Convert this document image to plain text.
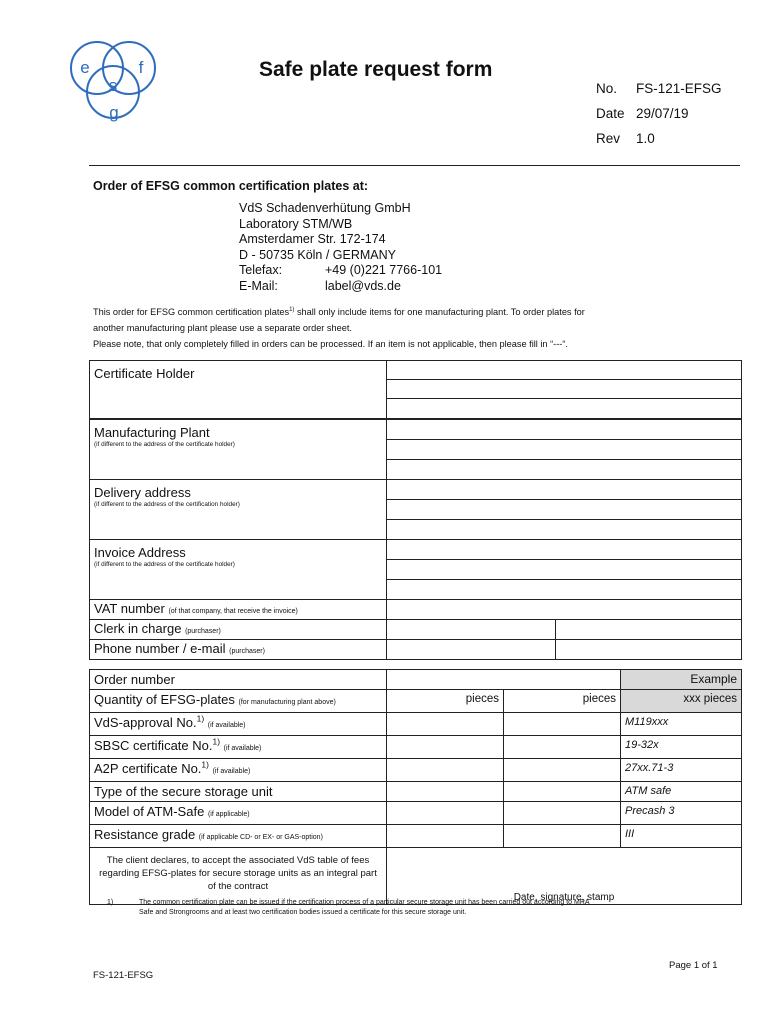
e
s
f
g
Safe plate request form
No.	FS-121-EFSG
Date 29/07/19
Rev	1.0
Order of EFSG common certification plates at:
VdS Schadenverhütung GmbH
Laboratory STM/WB
Amsterdamer Str. 172-174
D - 50735 Köln / GERMANY
Telefax:	+49 (0)221 7766-101
E-Mail:	label@vds.de
This order for EFSG common certification plates$^{1)}$ shall only include items for one manufacturing plant. To order plates for
another manufacturing plant please use a separate order sheet.
Please note, that only completely filled in orders can be processed. If an item is not applicable, then please fill in “---“.
Certificate Holder		

Manufacturing Plant
(if different to the address of the certificate holder)		

Delivery address
(if different to the address of the certification holder)		

Invoice Address
(if different to the address of the certificate holder)		

VAT number (of that company, that receive the invoice)		
Clerk in charge (purchaser)		
Phone number / e-mail (purchaser)		
Order number			Example
Quantity of EFSG-plates (for manufacturing plant above)	pieces	pieces	xxx pieces
VdS-approval No.$^{1)}$ (if available)			M119xxx
SBSC certificate No.$^{1)}$ (if available)			19-32x
A2P certificate No.$^{1)}$ (if available)			27xx.71-3
Type of the secure storage unit			ATM safe
Model of ATM-Safe (if applicable)			Precash 3
Resistance grade (if applicable CD- or EX- or GAS-option)			III
The client declares, to accept the associated VdS table of fees regarding EFSG-plates for secure storage units as an integral part of the contract	Date, signature, stamp		
1)	The common certification plate can be issued if the certification process of a particular secure storage unit has been carried out according to MRA
Safe and Strongrooms and at least two certification bodies issued a certificate for this secure storage unit.
Page 1 of 1
FS-121-EFSG
